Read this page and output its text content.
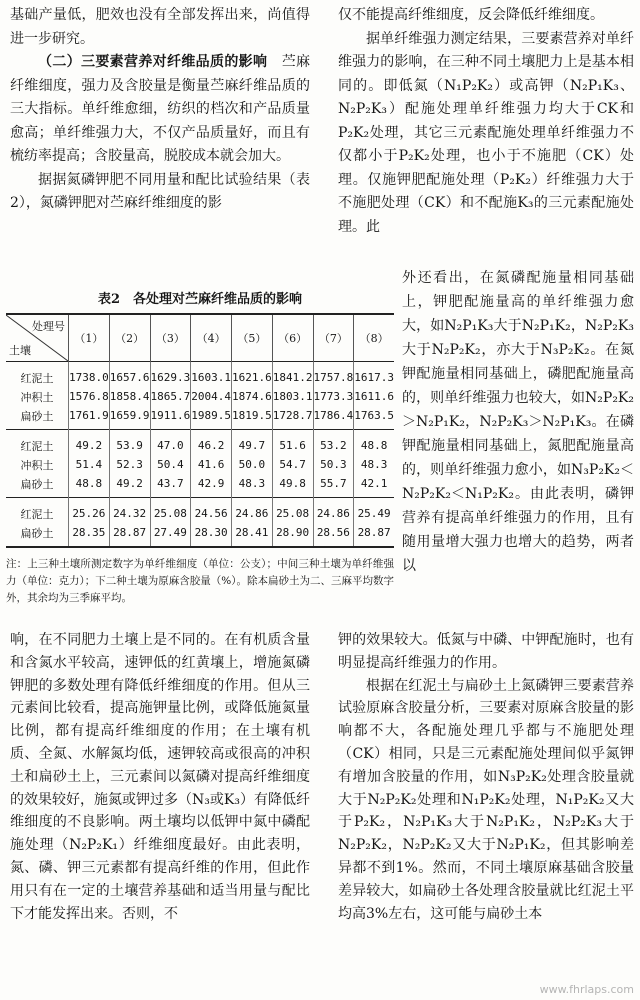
基础产量低，肥效也没有全部发挥出来，尚值得进一步研究。

（二）三要素营养对纤维品质的影响　 苎麻纤维细度，强力及含胶量是衡量苎麻纤维品质的三大指标。单纤维愈细，纺织的档次和产品质量愈高；单纤维强力大，不仅产品质量好，而且有梳纺率提高；含胶量高，脱胶成本就会加大。

据据氮磷钾肥不同用量和配比试验结果（表2），氮磷钾肥对苎麻纤维细度的影

仅不能提高纤维细度，反会降低纤维细度。

据单纤维强力测定结果，三要素营养对单纤维强力的影响，在三种不同土壤肥力上是基本相同的。即低氮（N₁P₂K₂）或高钾（N₂P₁K₃、N₂P₂K₃）配施处理单纤维强力均大于CK和P₂K₂处理，其它三元素配施处理单纤维强力不仅都小于P₂K₂处理，也小于不施肥（CK）处理。仅施钾肥配施处理（P₂K₂）纤维强力大于不施肥处理（CK）和不配施K₃的三元素配施处理。此

外还看出，在氮磷配施量相同基础上，钾肥配施量高的单纤维强力愈大，如N₂P₁K₃大于N₂P₁K₂，N₂P₂K₃大于N₂P₂K₂，亦大于N₃P₂K₂。在氮钾配施量相同基础上，磷肥配施量高的，则单纤维强力也较大，如N₂P₂K₂＞N₂P₁K₂，N₂P₂K₃＞N₂P₁K₃。在磷钾配施量相同基础上，氮肥配施量高的，则单纤维强力愈小，如N₃P₂K₂＜N₂P₂K₂＜N₁P₂K₂。由此表明，磷钾营养有提高单纤维强力的作用，且有随用量增大强力也增大的趋势，两者以

表2　各处理对苎麻纤维品质的影响
处理号
土壤	（1）	（2）	（3）	（4）	（5）	（6）	（7）	（8）
红泥土	1738.0	1657.6	1629.3	1603.1	1621.6	1841.2	1757.8	1617.3
冲积土	1576.8	1858.4	1865.7	2004.4	1874.6	1803.1	1773.3	1611.6
扁砂土	1761.9	1659.9	1911.6	1989.5	1819.5	1728.7	1786.4	1763.5
红泥土	49.2	53.9	47.0	46.2	49.7	51.6	53.2	48.8
冲积土	51.4	52.3	50.4	41.6	50.0	54.7	50.3	48.3
扁砂土	48.8	49.2	43.7	42.9	48.3	49.8	55.7	42.1
红泥土	25.26	24.32	25.08	24.56	24.86	25.08	24.86	25.49
扁砂土	28.35	28.87	27.49	28.30	28.41	28.90	28.56	28.87
注：上三种土壤所测定数字为单纤维细度（单位：公支）；中间三种土壤为单纤维强力（单位：克力）；下二种土壤为原麻含胶量（%）。除本扁砂土为二、三麻平均数字外，其余均为三季麻平均。

响，在不同肥力土壤上是不同的。在有机质含量和含氮水平较高，速钾低的红黄壤上，增施氮磷钾肥的多数处理有降低纤维细度的作用。但从三元素间比较看，提高施钾量比例，或降低施氮量比例，都有提高纤维细度的作用；在土壤有机质、全氮、水解氮均低，速钾较高或很高的冲积土和扁砂土上，三元素间以氮磷对提高纤维细度的效果较好，施氮或钾过多（N₃或K₃）有降低纤维细度的不良影响。两土壤均以低钾中氮中磷配施处理（N₂P₂K₁）纤维细度最好。由此表明，氮、磷、钾三元素都有提高纤维的作用，但此作用只有在一定的土壤营养基础和适当用量与配比下才能发挥出来。否则，不

钾的效果较大。低氮与中磷、中钾配施时，也有明显提高纤维强力的作用。

根据在红泥土与扁砂土上氮磷钾三要素营养试验原麻含胶量分析，三要素对原麻含胶量的影响都不大，各配施处理几乎都与不施肥处理（CK）相同，只是三元素配施处理间似乎氮钾有增加含胶量的作用，如N₃P₂K₂处理含胶量就大于N₂P₂K₂处理和N₁P₂K₂处理，N₁P₂K₂又大于P₂K₂，N₂P₁K₃大于N₂P₁K₂，N₂P₂K₃大于N₂P₂K₂，N₂P₂K₂又大于N₂P₁K₂，但其影响差异都不到1%。然而，不同土壤原麻基础含胶量差异较大，如扁砂土各处理含胶量就比红泥土平均高3%左右，这可能与扁砂土本

www.fhrlaps.com
